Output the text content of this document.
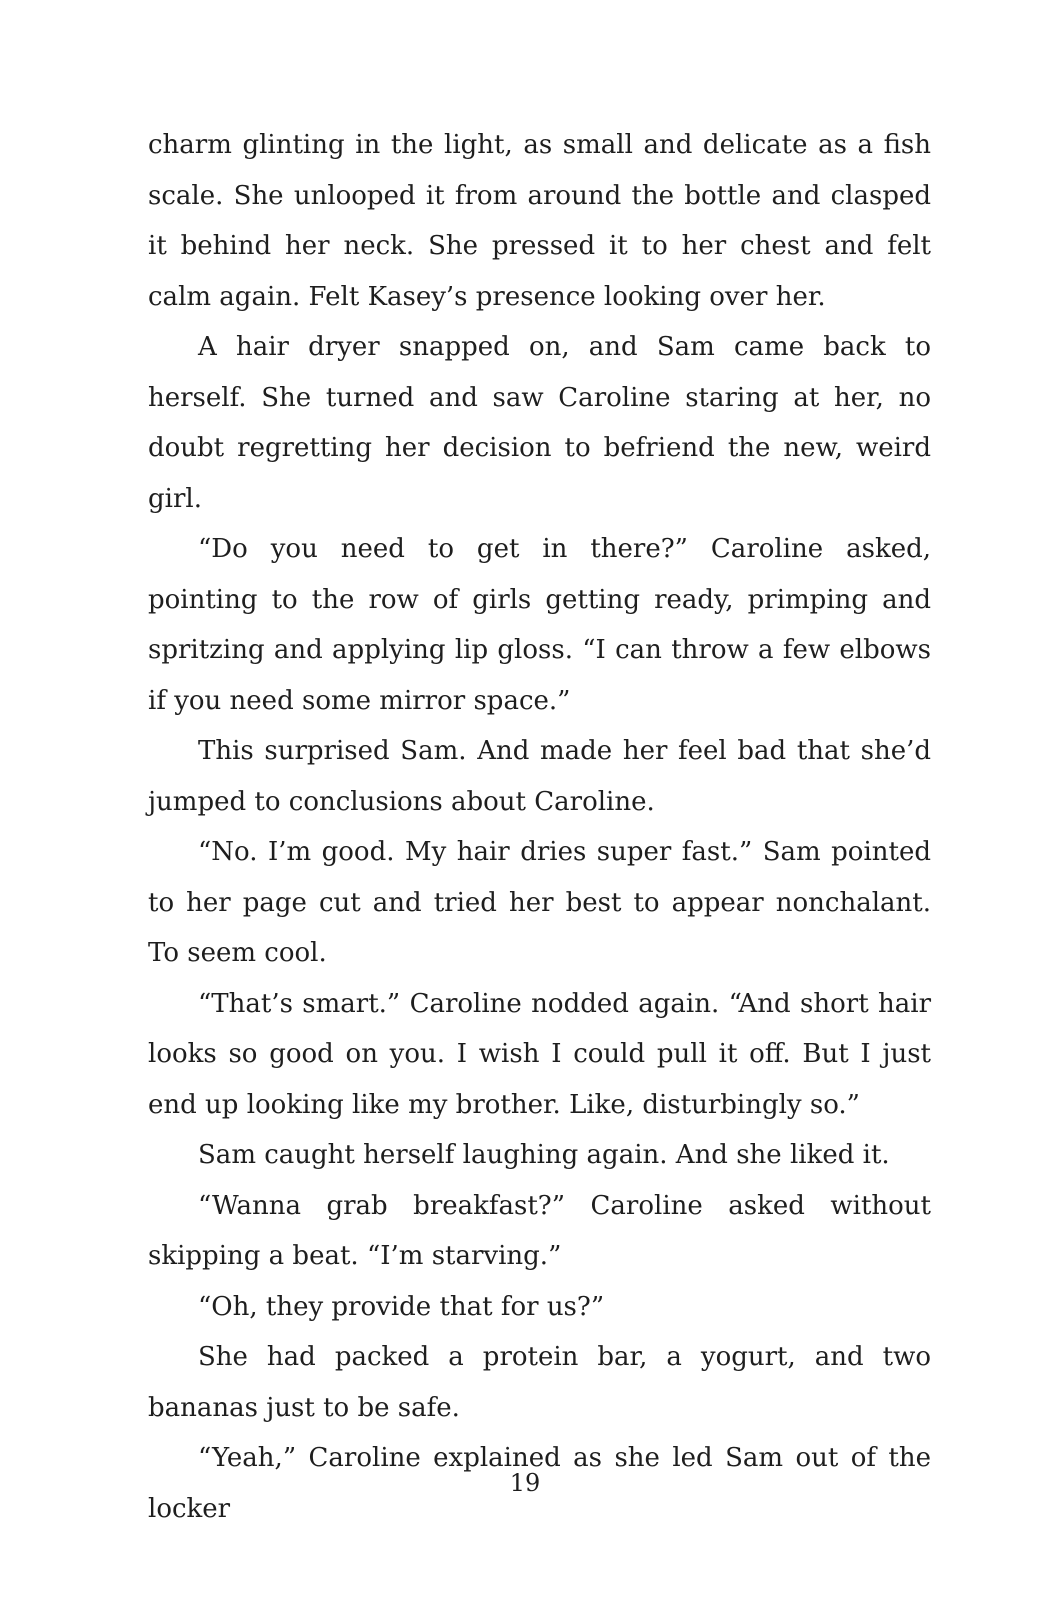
charm glinting in the light, as small and delicate as a fish scale. She unlooped it from around the bottle and clasped it behind her neck. She pressed it to her chest and felt calm again. Felt Kasey’s presence looking over her.

A hair dryer snapped on, and Sam came back to herself. She turned and saw Caroline staring at her, no doubt regretting her decision to befriend the new, weird girl.

“Do you need to get in there?” Caroline asked, pointing to the row of girls getting ready, primping and spritzing and applying lip gloss. “I can throw a few elbows if you need some mirror space.”

This surprised Sam. And made her feel bad that she’d jumped to conclusions about Caroline.

“No. I’m good. My hair dries super fast.” Sam pointed to her page cut and tried her best to appear nonchalant. To seem cool.

“That’s smart.” Caroline nodded again. “And short hair looks so good on you. I wish I could pull it off. But I just end up looking like my brother. Like, disturbingly so.”

Sam caught herself laughing again. And she liked it.

“Wanna grab breakfast?” Caroline asked without skipping a beat. “I’m starving.”

“Oh, they provide that for us?”

She had packed a protein bar, a yogurt, and two bananas just to be safe.

“Yeah,” Caroline explained as she led Sam out of the locker

19
